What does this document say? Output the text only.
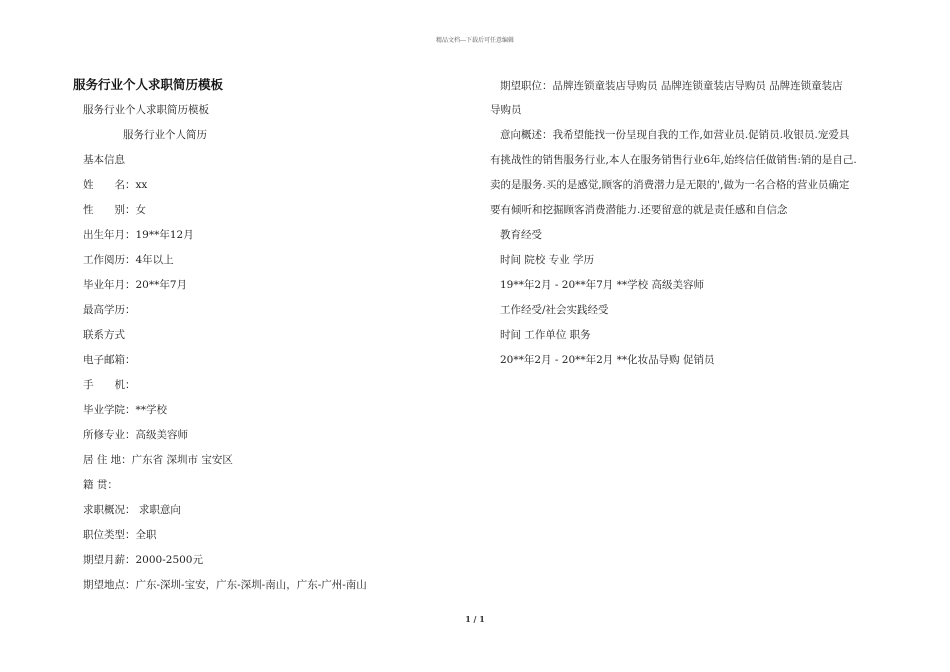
精品文档---下载后可任意编辑
服务行业个人求职简历模板
服务行业个人求职简历模板
服务行业个人简历
基本信息
姓　　名：xx
性　　别：女
出生年月：19**年12月
工作阅历：4年以上
毕业年月：20**年7月
最高学历：
联系方式
电子邮箱：
手　　机：
毕业学院：**学校
所修专业：高级美容师
居 住 地：广东省 深圳市 宝安区
籍 贯：
求职概况： 求职意向
职位类型：全职
期望月薪：2000-2500元
期望地点：广东-深圳-宝安，广东-深圳-南山，广东-广州-南山
期望职位：品牌连锁童装店导购员 品牌连锁童装店导购员 品牌连锁童装店
导购员
意向概述：我希望能找一份呈现自我的工作,如营业员.促销员.收银员.宠爱具
有挑战性的销售服务行业,本人在服务销售行业6年,始终信任做销售:销的是自己.
卖的是服务.买的是感觉,顾客的消费潜力是无限的',做为一名合格的营业员确定
要有倾听和挖掘顾客消费潜能力.还要留意的就是责任感和自信念
教育经受
时间 院校 专业 学历
19**年2月 - 20**年7月 **学校 高级美容师
工作经受/社会实践经受
时间 工作单位 职务
20**年2月 - 20**年2月 **化妆品导购 促销员
1 / 1
